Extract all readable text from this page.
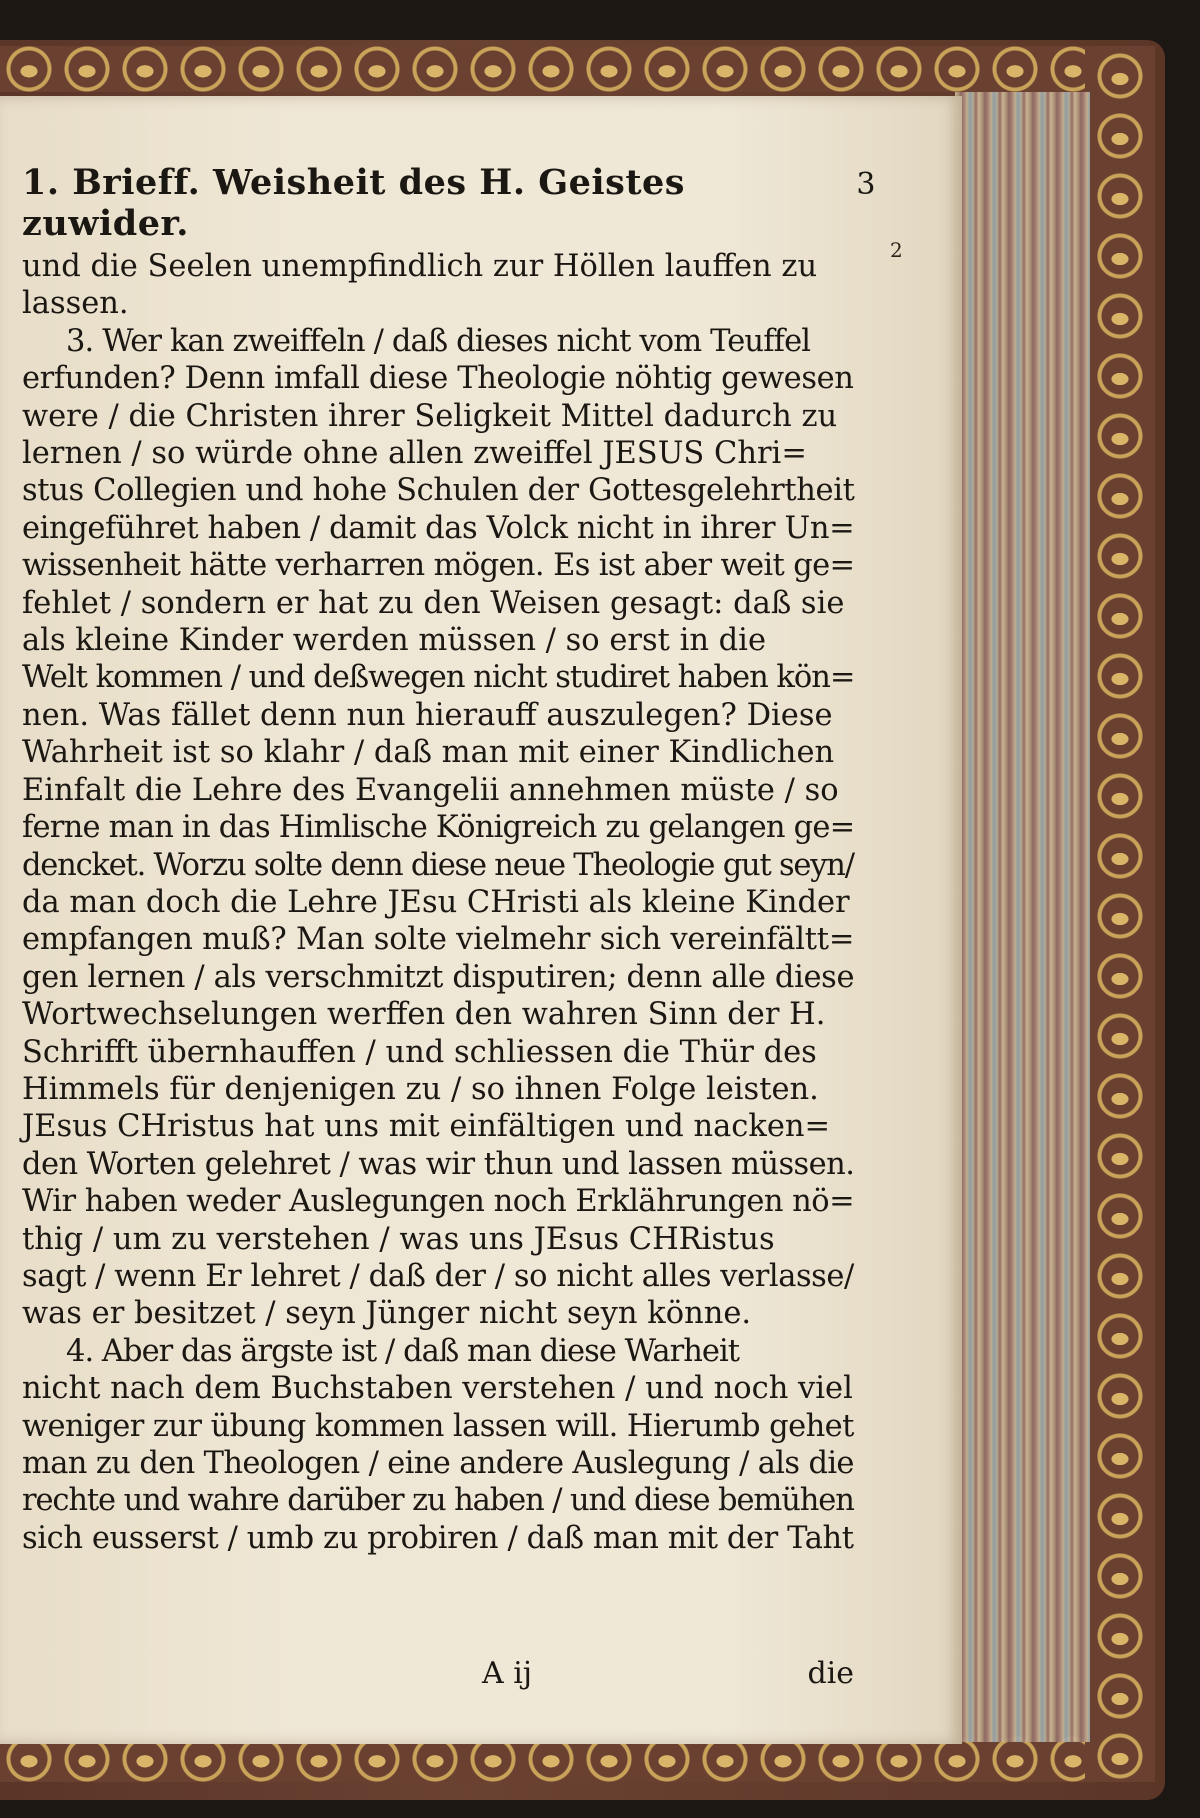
1. Brieff. Weisheit des H. Geistes zuwider.
3

und die Seelen unempfindlich zur Höllen lauffen zu
lassen.

3. Wer kan zweiffeln / daß dieses nicht vom Teuffel
erfunden? Denn imfall diese Theologie nöhtig gewesen
were / die Christen ihrer Seligkeit Mittel dadurch zu
lernen / so würde ohne allen zweiffel JESUS Chri=
stus Collegien und hohe Schulen der Gottesgelehrtheit
eingeführet haben / damit das Volck nicht in ihrer Un=
wissenheit hätte verharren mögen. Es ist aber weit ge=
fehlet / sondern er hat zu den Weisen gesagt: daß sie
als kleine Kinder werden müssen / so erst in die
Welt kommen / und deßwegen nicht studiret haben kön=
nen. Was fället denn nun hierauff auszulegen? Diese
Wahrheit ist so klahr / daß man mit einer Kindlichen
Einfalt die Lehre des Evangelii annehmen müste / so
ferne man in das Himlische Königreich zu gelangen ge=
dencket. Worzu solte denn diese neue Theologie gut seyn/
da man doch die Lehre JEsu CHristi als kleine Kinder
empfangen muß? Man solte vielmehr sich vereinfältt=
gen lernen / als verschmitzt disputiren; denn alle diese
Wortwechselungen werffen den wahren Sinn der H.
Schrifft übernhauffen / und schliessen die Thür des
Himmels für denjenigen zu / so ihnen Folge leisten.
JEsus CHristus hat uns mit einfältigen und nacken=
den Worten gelehret / was wir thun und lassen müssen.
Wir haben weder Auslegungen noch Erklährungen nö=
thig / um zu verstehen / was uns JEsus CHRistus
sagt / wenn Er lehret / daß der / so nicht alles verlasse/
was er besitzet / seyn Jünger nicht seyn könne.

4. Aber das ärgste ist / daß man diese Warheit
nicht nach dem Buchstaben verstehen / und noch viel
weniger zur übung kommen lassen will. Hierumb gehet
man zu den Theologen / eine andere Auslegung / als die
rechte und wahre darüber zu haben / und diese bemühen
sich eusserst / umb zu probiren / daß man mit der Taht

2
A ij	die
